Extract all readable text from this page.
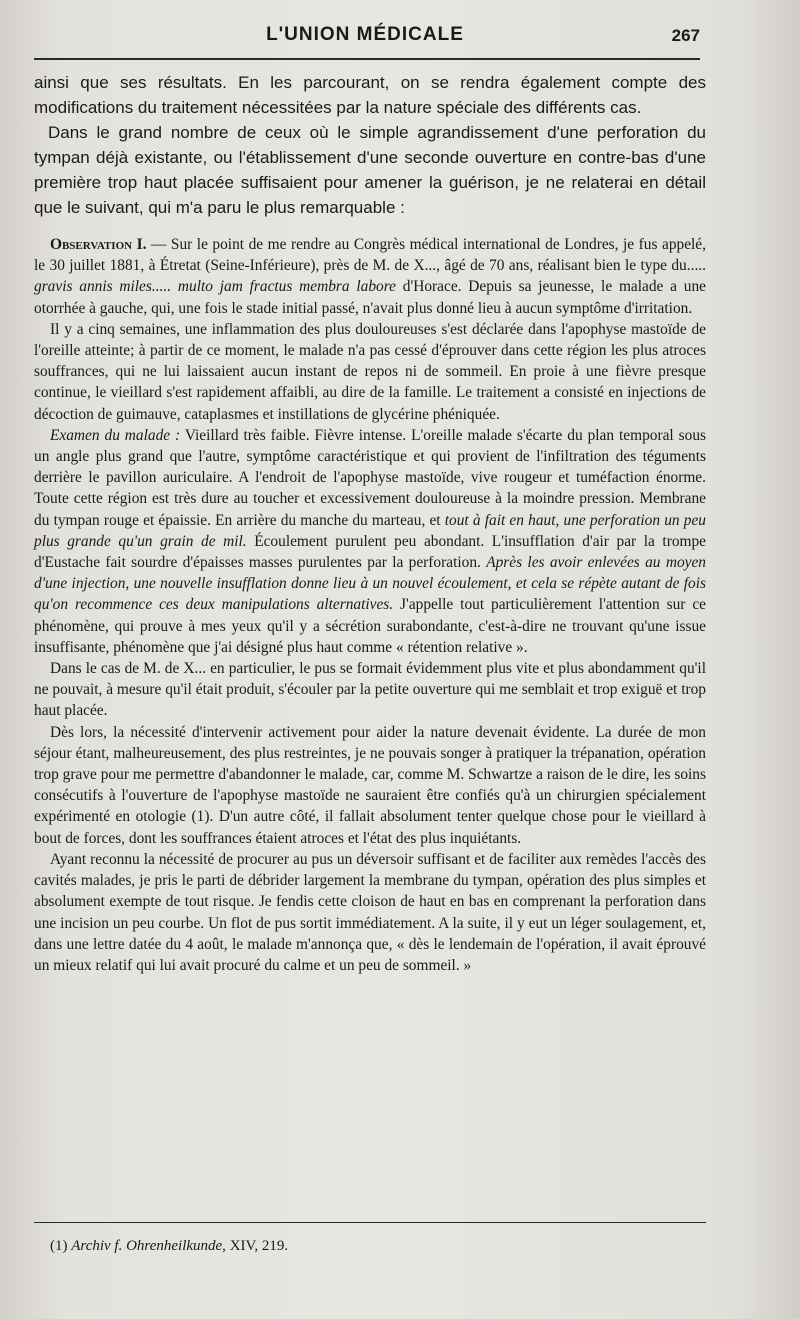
L'UNION MÉDICALE	267

ainsi que ses résultats. En les parcourant, on se rendra également compte des modifications du traitement nécessitées par la nature spéciale des différents cas.

Dans le grand nombre de ceux où le simple agrandissement d'une perforation du tympan déjà existante, ou l'établissement d'une seconde ouverture en contre-bas d'une première trop haut placée suffisaient pour amener la guérison, je ne relaterai en détail que le suivant, qui m'a paru le plus remarquable :

Observation I. — Sur le point de me rendre au Congrès médical international de Londres, je fus appelé, le 30 juillet 1881, à Étretat (Seine-Inférieure), près de M. de X..., âgé de 70 ans, réalisant bien le type du..... gravis annis miles..... multo jam fractus membra labore d'Horace. Depuis sa jeunesse, le malade a une otorrhée à gauche, qui, une fois le stade initial passé, n'avait plus donné lieu à aucun symptôme d'irritation.

Il y a cinq semaines, une inflammation des plus douloureuses s'est déclarée dans l'apophyse mastoïde de l'oreille atteinte; à partir de ce moment, le malade n'a pas cessé d'éprouver dans cette région les plus atroces souffrances, qui ne lui laissaient aucun instant de repos ni de sommeil. En proie à une fièvre presque continue, le vieillard s'est rapidement affaibli, au dire de la famille. Le traitement a consisté en injections de décoction de guimauve, cataplasmes et instillations de glycérine phéniquée.

Examen du malade : Vieillard très faible. Fièvre intense. L'oreille malade s'écarte du plan temporal sous un angle plus grand que l'autre, symptôme caractéristique et qui provient de l'infiltration des téguments derrière le pavillon auriculaire. A l'endroit de l'apophyse mastoïde, vive rougeur et tuméfaction énorme. Toute cette région est très dure au toucher et excessivement douloureuse à la moindre pression. Membrane du tympan rouge et épaissie. En arrière du manche du marteau, et tout à fait en haut, une perforation un peu plus grande qu'un grain de mil. Écoulement purulent peu abondant. L'insufflation d'air par la trompe d'Eustache fait sourdre d'épaisses masses purulentes par la perforation. Après les avoir enlevées au moyen d'une injection, une nouvelle insufflation donne lieu à un nouvel écoulement, et cela se répète autant de fois qu'on recommence ces deux manipulations alternatives. J'appelle tout particulièrement l'attention sur ce phénomène, qui prouve à mes yeux qu'il y a sécrétion surabondante, c'est-à-dire ne trouvant qu'une issue insuffisante, phénomène que j'ai désigné plus haut comme « rétention relative ».

Dans le cas de M. de X... en particulier, le pus se formait évidemment plus vite et plus abondamment qu'il ne pouvait, à mesure qu'il était produit, s'écouler par la petite ouverture qui me semblait et trop exiguë et trop haut placée.

Dès lors, la nécessité d'intervenir activement pour aider la nature devenait évidente. La durée de mon séjour étant, malheureusement, des plus restreintes, je ne pouvais songer à pratiquer la trépanation, opération trop grave pour me permettre d'abandonner le malade, car, comme M. Schwartze a raison de le dire, les soins consécutifs à l'ouverture de l'apophyse mastoïde ne sauraient être confiés qu'à un chirurgien spécialement expérimenté en otologie (1). D'un autre côté, il fallait absolument tenter quelque chose pour le vieillard à bout de forces, dont les souffrances étaient atroces et l'état des plus inquiétants.

Ayant reconnu la nécessité de procurer au pus un déversoir suffisant et de faciliter aux remèdes l'accès des cavités malades, je pris le parti de débrider largement la membrane du tympan, opération des plus simples et absolument exempte de tout risque. Je fendis cette cloison de haut en bas en comprenant la perforation dans une incision un peu courbe. Un flot de pus sortit immédiatement. A la suite, il y eut un léger soulagement, et, dans une lettre datée du 4 août, le malade m'annonça que, « dès le lendemain de l'opération, il avait éprouvé un mieux relatif qui lui avait procuré du calme et un peu de sommeil. »

(1) Archiv f. Ohrenheilkunde, XIV, 219.
